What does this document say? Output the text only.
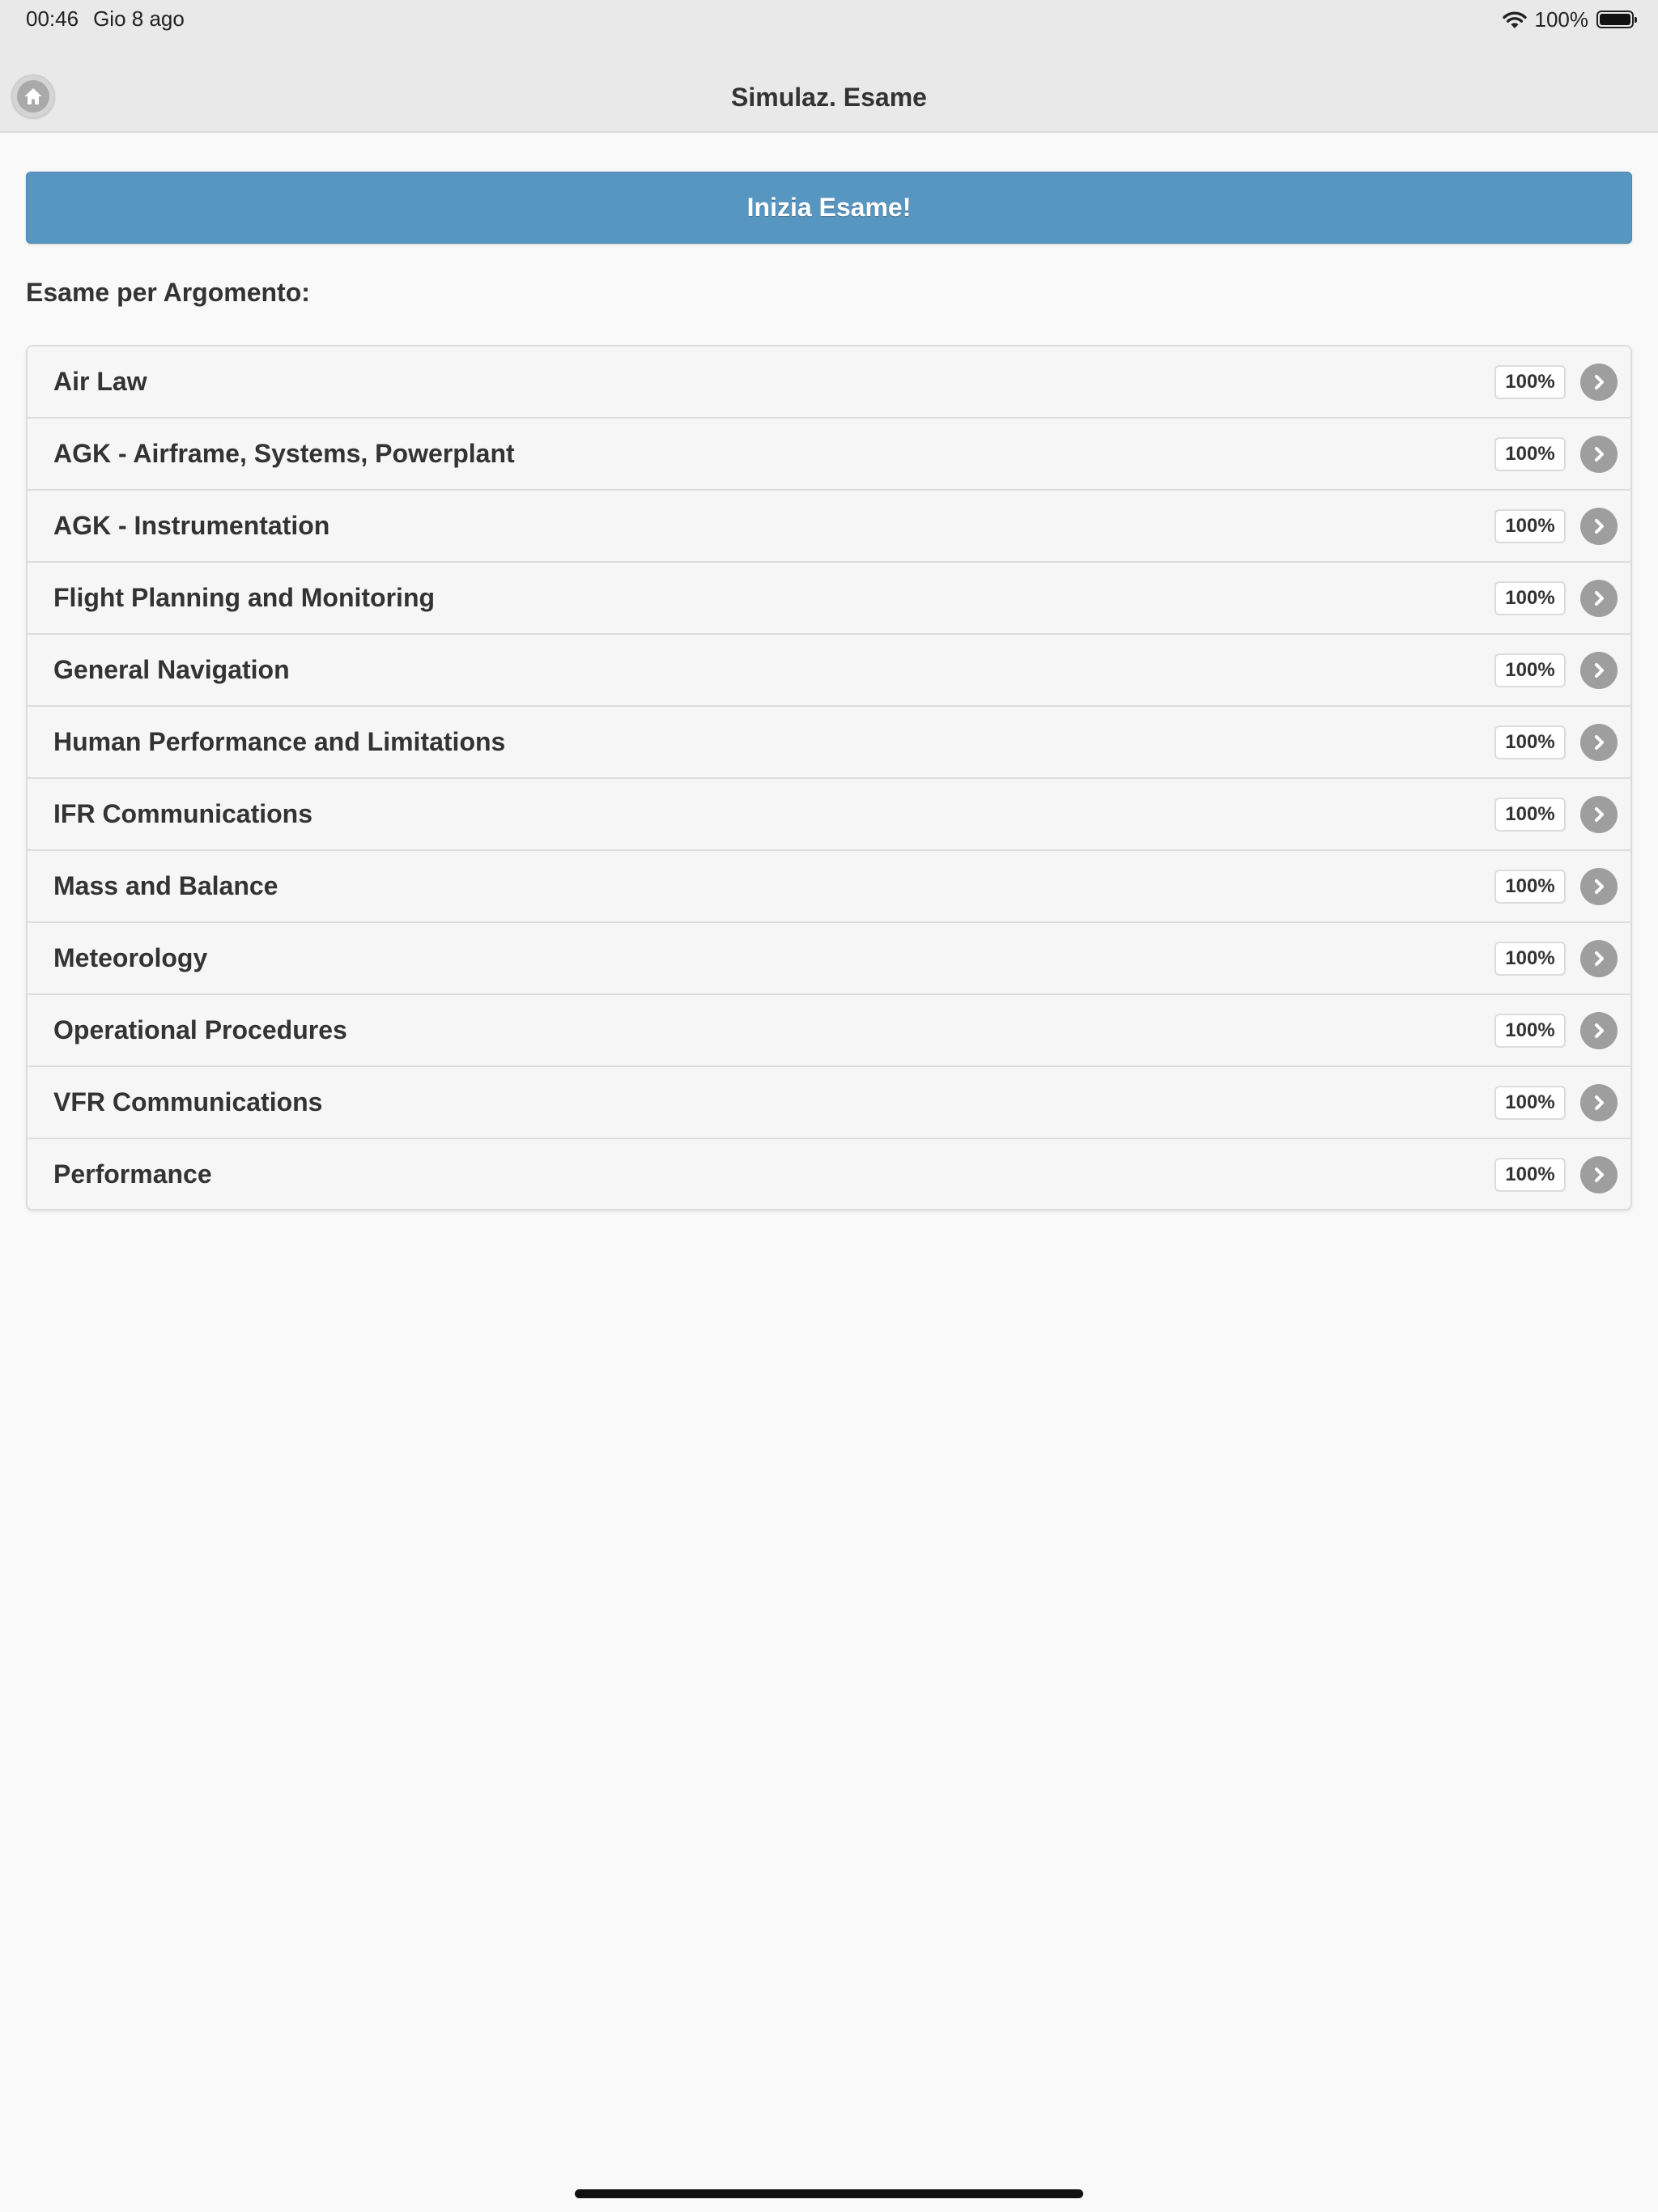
00:46 Gio 8 ago	100%
Simulaz. Esame
Inizia Esame!
Esame per Argomento:
Air Law	100%
AGK - Airframe, Systems, Powerplant	100%
AGK - Instrumentation	100%
Flight Planning and Monitoring	100%
General Navigation	100%
Human Performance and Limitations	100%
IFR Communications	100%
Mass and Balance	100%
Meteorology	100%
Operational Procedures	100%
VFR Communications	100%
Performance	100%
